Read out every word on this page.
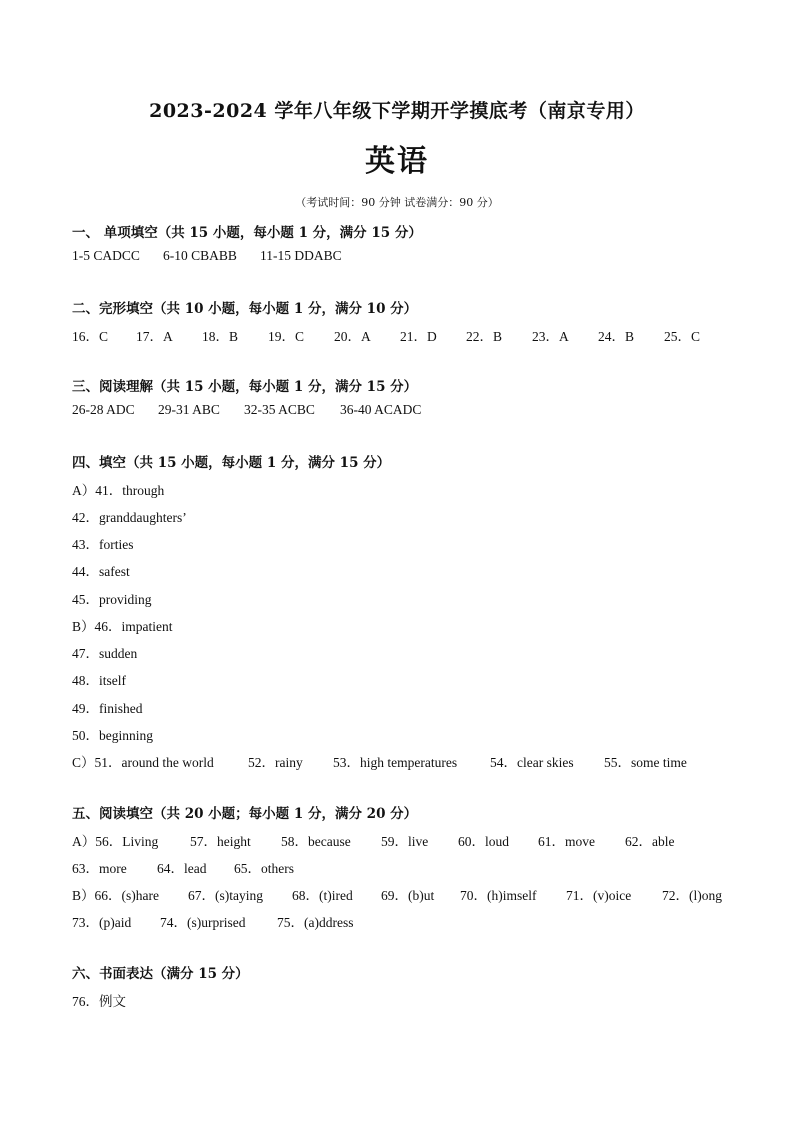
2023-2024 学年八年级下学期开学摸底考（南京专用）
英语
（考试时间：90 分钟 试卷满分：90 分）
一、 单项填空（共 15 小题，每小题 1 分，满分 15 分）
1-5 CADCC 6-10 CBABB 11-15 DDABC
二、完形填空（共 10 小题，每小题 1 分，满分 10 分）
16．C 17．A 18．B 19．C 20．A 21．D 22．B 23．A 24．B 25．C
三、阅读理解（共 15 小题，每小题 1 分，满分 15 分）
26-28 ADC 29-31 ABC 32-35 ACBC 36-40 ACADC
四、填空（共 15 小题，每小题 1 分，满分 15 分）
A）41．through
42．granddaughters’
43．forties
44．safest
45．providing
B）46．impatient
47．sudden
48．itself
49．finished
50．beginning
C）51．around the world	52．rainy 53．high temperatures 54．clear skies 55．some time
五、阅读填空（共 20 小题；每小题 1 分，满分 20 分）
A）56．Living 57．height 58．because 59．live 60．loud 61．move 62．able
63．more 64．lead 65．others
B）66．(s)hare 67．(s)taying 68．(t)ired 69．(b)ut 70．(h)imself 71．(v)oice 72．(l)ong
73．(p)aid 74．(s)urprised 75．(a)ddress
六、书面表达（满分 15 分）
76．例文
